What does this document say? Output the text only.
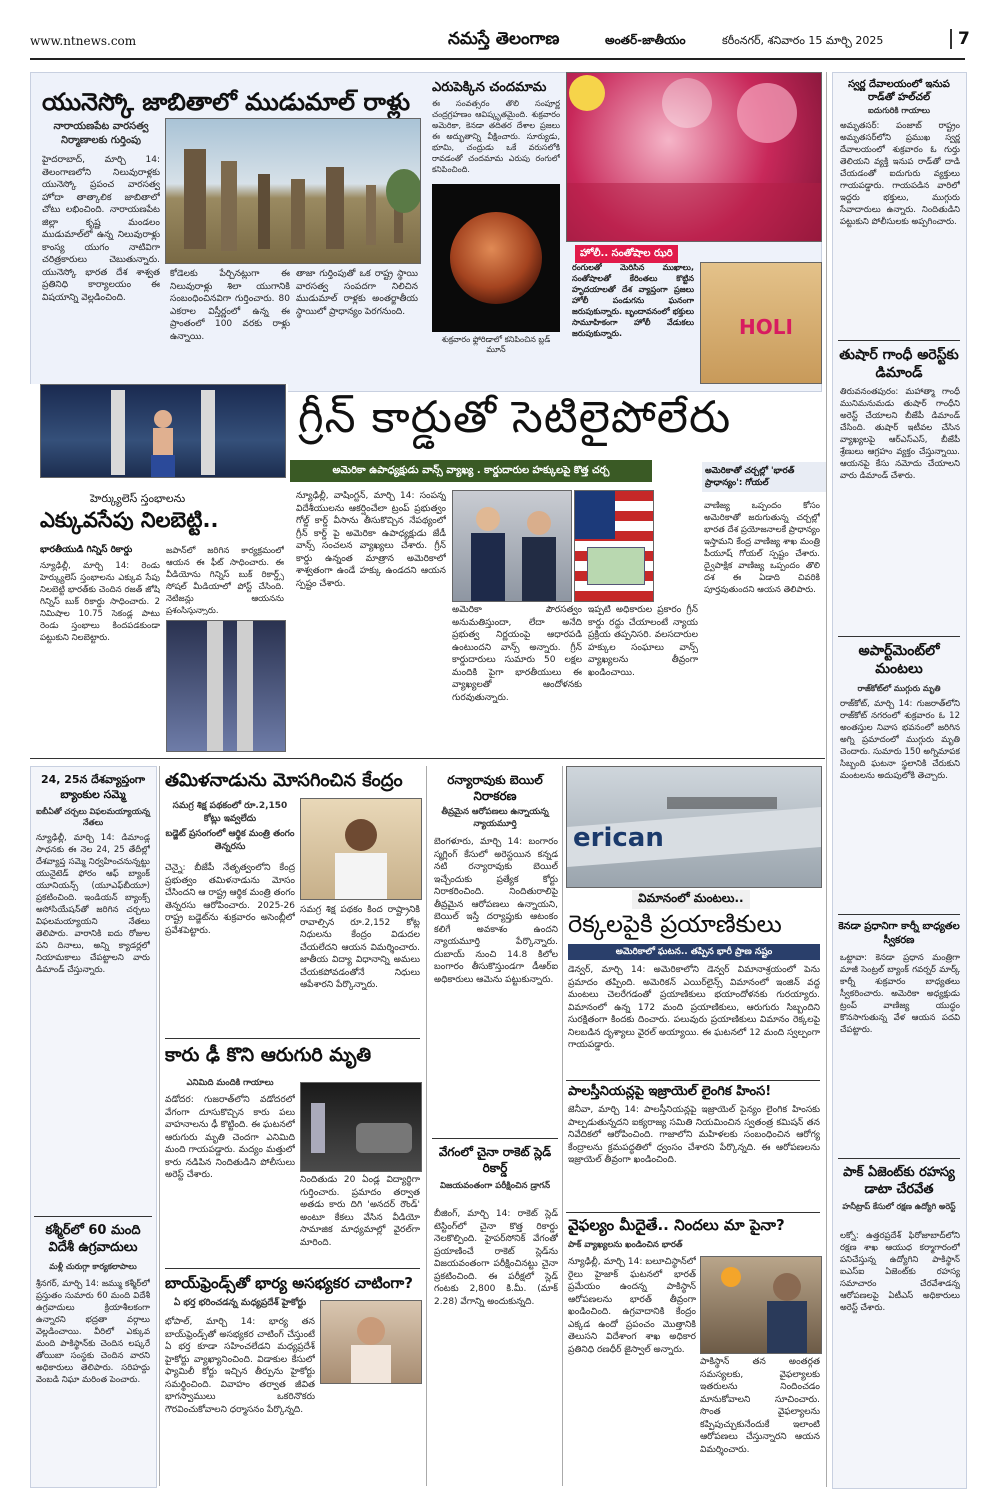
www.ntnews.com	నమస్తే తెలంగాణ	అంతర్-జాతీయం	కరీంనగర్, శనివారం 15 మార్చి 2025	7
యునెస్కో జాబితాలో ముడుమాల్ రాళ్లు
నారాయణపేట వారసత్వ నిర్మాణాలకు గుర్తింపు
హైదరాబాద్, మార్చి 14: తెలంగాణలోని నిలువురాళ్లకు యునెస్కో ప్రపంచ వారసత్వ హోదా తాత్కాలిక జాబితాలో చోటు లభించింది. నారాయణపేట జిల్లా కృష్ణ మండలం ముడుమాల్‌లో ఉన్న నిలువురాళ్లు కాంస్య యుగం నాటివిగా చరిత్రకారులు చెబుతున్నారు. యునెస్కో భారత దేశ శాశ్వత ప్రతినిధి కార్యాలయం ఈ విషయాన్ని వెల్లడించింది.
కోడెలకు పేర్చినట్లుగా ఈ నిలువురాళ్లు శిలా యుగానికి సంబంధించినవిగా గుర్తించారు. 80 ఎకరాల విస్తీర్ణంలో ఉన్న ఈ ప్రాంతంలో 100 వరకు రాళ్లు ఉన్నాయి.
తాజా గుర్తింపుతో ఒక రాష్ట్ర స్థాయి వారసత్వ సంపదగా నిలిచిన ముడుమాల్ రాళ్లకు అంతర్జాతీయ స్థాయిలో ప్రాధాన్యం పెరగనుంది.
ఎరుపెక్కిన చందమామ
ఈ సంవత్సరం తొలి సంపూర్ణ చంద్రగ్రహణం ఆవిష్కృతమైంది. శుక్రవారం అమెరికా, కెనడా తదితర దేశాల ప్రజలు ఈ అద్భుతాన్ని వీక్షించారు. సూర్యుడు, భూమి, చంద్రుడు ఒకే వరుసలోకి రావడంతో చందమామ ఎరుపు రంగులో కనిపించింది.
శుక్రవారం ఫ్లోరిడాలో కనిపించిన బ్లడ్ మూన్
హోలీ.. సంతోషాల ఝరి
రంగులతో మెరిసిన ముఖాలు, సంతోషాలతో కేరింతలు కొట్టిన హృదయాలతో దేశ వ్యాప్తంగా ప్రజలు హోలీ పండుగను ఘనంగా జరుపుకున్నారు. బృందావనంలో భక్తులు సామూహికంగా హోలీ వేడుకలు జరుపుకున్నారు.	HOLI
స్వర్ణ దేవాలయంలో ఇనుప రాడ్‌తో హల్‌చల్
ఐదుగురికి గాయాలు
అమృతసర్: పంజాబ్ రాష్ట్రం అమృతసర్‌లోని ప్రముఖ స్వర్ణ దేవాలయంలో శుక్రవారం ఓ గుర్తు తెలియని వ్యక్తి ఇనుప రాడ్‌తో దాడి చేయడంతో ఐదుగురు వ్యక్తులు గాయపడ్డారు. గాయపడిన వారిలో ఇద్దరు భక్తులు, ముగ్గురు సేవాదారులు ఉన్నారు. నిందితుడిని పట్టుకుని పోలీసులకు అప్పగించారు.
తుషార్ గాంధీ అరెస్ట్‌కు డిమాండ్
తిరువనంతపురం: మహాత్మా గాంధీ మునిమనుమడు తుషార్ గాంధీని అరెస్ట్ చేయాలని బీజేపీ డిమాండ్ చేసింది. తుషార్ ఇటీవల చేసిన వ్యాఖ్యలపై ఆర్‌ఎస్ఎస్, బీజేపీ శ్రేణులు ఆగ్రహం వ్యక్తం చేస్తున్నాయి. ఆయనపై కేసు నమోదు చేయాలని వారు డిమాండ్ చేశారు.
అపార్ట్‌మెంట్‌లో మంటలు
రాజ్‌కోట్‌లో ముగ్గురు మృతి
రాజ్‌కోట్, మార్చి 14: గుజరాత్‌లోని రాజ్‌కోట్ నగరంలో శుక్రవారం ఓ 12 అంతస్తుల నివాస భవనంలో జరిగిన అగ్ని ప్రమాదంలో ముగ్గురు మృతి చెందారు. సుమారు 150 అగ్నిమాపక సిబ్బంది ఘటనా స్థలానికి చేరుకుని మంటలను అదుపులోకి తెచ్చారు.
కెనడా ప్రధానిగా కార్నీ బాధ్యతల స్వీకరణ
ఒట్టావా: కెనడా ప్రధాన మంత్రిగా మాజీ సెంట్రల్ బ్యాంక్ గవర్నర్ మార్క్ కార్నీ శుక్రవారం బాధ్యతలు స్వీకరించారు. అమెరికా అధ్యక్షుడు ట్రంప్ వాణిజ్య యుద్ధం కొనసాగుతున్న వేళ ఆయన పదవి చేపట్టారు.
పాక్ ఏజెంట్‌కు రహస్య డాటా చేరవేత
హనీట్రాప్ కేసులో రక్షణ ఉద్యోగి అరెస్ట్
లక్నో: ఉత్తరప్రదేశ్ ఫిరోజాబాద్‌లోని రక్షణ శాఖ ఆయుధ కర్మాగారంలో పనిచేస్తున్న ఉద్యోగిని పాకిస్థాన్ ఐఎస్ఐ ఏజెంట్‌కు రహస్య సమాచారం చేరవేశాడన్న ఆరోపణలపై ఏటీఎస్ అధికారులు అరెస్ట్ చేశారు.
హెర్క్యులెస్ స్తంభాలను
ఎక్కువసేపు నిలబెట్టి..
భారతీయుడి గిన్నిస్ రికార్డు
న్యూఢిల్లీ, మార్చి 14: రెండు హెర్క్యులెస్ స్తంభాలను ఎక్కువ సేపు నిలబెట్టి భారత్‌కు చెందిన రజత్ జోషి గిన్నిస్ బుక్ రికార్డు సాధించారు. 2 నిమిషాల 10.75 సెకండ్ల పాటు రెండు స్తంభాలు కిందపడకుండా పట్టుకుని నిలబెట్టారు.
జపాన్‌లో జరిగిన కార్యక్రమంలో ఆయన ఈ ఫీట్ సాధించారు. ఈ వీడియోను గిన్నిస్ బుక్ రికార్డ్స్ సోషల్ మీడియాలో పోస్ట్ చేసింది. నెటిజన్లు ఆయనను ప్రశంసిస్తున్నారు.
గ్రీన్ కార్డుతో సెటిలైపోలేరు
అమెరికా ఉపాధ్యక్షుడు వాన్స్ వ్యాఖ్య . కార్డుదారుల హక్కులపై కొత్త చర్చ
న్యూఢిల్లీ, వాషింగ్టన్, మార్చి 14: సంపన్న విదేశీయులను ఆకర్షించేలా ట్రంప్ ప్రభుత్వం గోల్డ్ కార్డ్ వీసాను తీసుకొచ్చిన నేపథ్యంలో గ్రీన్ కార్డ్ పై అమెరికా ఉపాధ్యక్షుడు జేడీ వాన్స్ సంచలన వ్యాఖ్యలు చేశారు. గ్రీన్ కార్డు ఉన్నంత మాత్రాన అమెరికాలో శాశ్వతంగా ఉండే హక్కు ఉండదని ఆయన స్పష్టం చేశారు.
అమెరికా పౌరసత్వం అనుమతిస్తుందా, లేదా అనేది ప్రభుత్వ నిర్ణయంపై ఆధారపడి ఉంటుందని వాన్స్ అన్నారు. గ్రీన్ కార్డుదారులు సుమారు 50 లక్షల మందికి పైగా భారతీయులు ఈ వ్యాఖ్యలతో ఆందోళనకు గురవుతున్నారు.
ఇప్పటి అధికారుల ప్రకారం గ్రీన్ కార్డు రద్దు చేయాలంటే న్యాయ ప్రక్రియ తప్పనిసరి. వలసదారుల హక్కుల సంఘాలు వాన్స్ వ్యాఖ్యలను తీవ్రంగా ఖండించాయి.
అమెరికాతో చర్చల్లో 'భారత్ ప్రాధాన్యం': గోయల్
వాణిజ్య ఒప్పందం కోసం అమెరికాతో జరుగుతున్న చర్చల్లో భారత దేశ ప్రయోజనాలకే ప్రాధాన్యం ఇస్తామని కేంద్ర వాణిజ్య శాఖ మంత్రి పీయూష్ గోయల్ స్పష్టం చేశారు. ద్వైపాక్షిక వాణిజ్య ఒప్పందం తొలి దశ ఈ ఏడాది చివరికి పూర్తవుతుందని ఆయన తెలిపారు.
24, 25న దేశవ్యాప్తంగా బ్యాంకుల సమ్మె
ఐబీఏతో చర్చలు విఫలమయ్యాయన్న నేతలు
న్యూఢిల్లీ, మార్చి 14: డిమాండ్ల సాధనకు ఈ నెల 24, 25 తేదీల్లో దేశవ్యాప్త సమ్మె నిర్వహించనున్నట్టు యునైటెడ్ ఫోరం ఆఫ్ బ్యాంక్ యూనియన్స్ (యూఎఫ్‌బీయూ) ప్రకటించింది. ఇండియన్ బ్యాంక్స్ అసోసియేషన్‌తో జరిగిన చర్చలు విఫలమయ్యాయని నేతలు తెలిపారు. వారానికి ఐదు రోజుల పని దినాలు, అన్ని క్యాడర్లలో నియామకాలు చేపట్టాలని వారు డిమాండ్ చేస్తున్నారు.
కశ్మీర్‌లో 60 మంది విదేశీ ఉగ్రవాదులు
మళ్లీ చురుగ్గా కార్యకలాపాలు
శ్రీనగర్, మార్చి 14: జమ్ము కశ్మీర్‌లో ప్రస్తుతం సుమారు 60 మంది విదేశీ ఉగ్రవాదులు క్రియాశీలకంగా ఉన్నారని భద్రతా వర్గాలు వెల్లడించాయి. వీరిలో ఎక్కువ మంది పాకిస్థాన్‌కు చెందిన లష్కరే తోయిబా సంస్థకు చెందిన వారని అధికారులు తెలిపారు. సరిహద్దు వెంబడి నిఘా మరింత పెంచారు.
తమిళనాడును మోసగించిన కేంద్రం
సమగ్ర శిక్ష పథకంలో రూ.2,150 కోట్లు ఇవ్వలేదు
బడ్జెట్ ప్రసంగంలో ఆర్థిక మంత్రి తంగం తెన్నరసు
చెన్నై: బీజేపీ నేతృత్వంలోని కేంద్ర ప్రభుత్వం తమిళనాడును మోసం చేసిందని ఆ రాష్ట్ర ఆర్థిక మంత్రి తంగం తెన్నరసు ఆరోపించారు. 2025-26 రాష్ట్ర బడ్జెట్‌ను శుక్రవారం అసెంబ్లీలో ప్రవేశపెట్టారు.
సమగ్ర శిక్ష పథకం కింద రాష్ట్రానికి రావాల్సిన రూ.2,152 కోట్ల నిధులను కేంద్రం విడుదల చేయలేదని ఆయన విమర్శించారు. జాతీయ విద్యా విధానాన్ని అమలు చేయకపోవడంతోనే నిధులు ఆపేశారని పేర్కొన్నారు.
కారు ఢీ కొని ఆరుగురి మృతి
ఎనిమిది మందికి గాయాలు
వడోదర: గుజరాత్‌లోని వడోదరలో వేగంగా దూసుకొచ్చిన కారు పలు వాహనాలను ఢీ కొట్టింది. ఈ ఘటనలో ఆరుగురు మృతి చెందగా ఎనిమిది మంది గాయపడ్డారు. మద్యం మత్తులో కారు నడిపిన నిందితుడిని పోలీసులు అరెస్ట్ చేశారు.	నిందితుడు 20 ఏండ్ల విద్యార్థిగా గుర్తించారు. ప్రమాదం తర్వాత అతడు కారు దిగి 'అనదర్ రౌండ్' అంటూ కేకలు వేసిన వీడియో సామాజిక మాధ్యమాల్లో వైరల్‌గా మారింది.
బాయ్‌ఫ్రెండ్స్‌తో భార్య అసభ్యకర చాటింగా?
ఏ భర్త భరించడన్న మధ్యప్రదేశ్ హైకోర్టు
భోపాల్, మార్చి 14: భార్య తన బాయ్‌ఫ్రెండ్స్‌తో అసభ్యకర చాటింగ్ చేస్తుంటే ఏ భర్త కూడా సహించలేడని మధ్యప్రదేశ్ హైకోర్టు వ్యాఖ్యానించింది. విడాకుల కేసులో ఫ్యామిలీ కోర్టు ఇచ్చిన తీర్పును హైకోర్టు సమర్థించింది. వివాహం తర్వాత జీవిత భాగస్వాములు ఒకరినొకరు గౌరవించుకోవాలని ధర్మాసనం పేర్కొన్నది.
రన్యారావుకు బెయిల్ నిరాకరణ
తీవ్రమైన ఆరోపణలు ఉన్నాయన్న న్యాయమూర్తి
బెంగళూరు, మార్చి 14: బంగారం స్మగ్లింగ్ కేసులో అరెస్టయిన కన్నడ నటి రన్యారావుకు బెయిల్ ఇచ్చేందుకు ప్రత్యేక కోర్టు నిరాకరించింది. నిందితురాలిపై తీవ్రమైన ఆరోపణలు ఉన్నాయని, బెయిల్ ఇస్తే దర్యాప్తుకు ఆటంకం కలిగే అవకాశం ఉందని న్యాయమూర్తి పేర్కొన్నారు. దుబాయ్ నుంచి 14.8 కిలోల బంగారం తీసుకొస్తుండగా డీఆర్ఐ అధికారులు ఆమెను పట్టుకున్నారు.
వేగంలో చైనా రాకెట్ స్లెడ్ రికార్డ్
విజయవంతంగా పరీక్షించిన డ్రాగన్
బీజింగ్, మార్చి 14: రాకెట్ స్లెడ్ టెస్టింగ్‌లో చైనా కొత్త రికార్డు నెలకొల్పింది. హైపర్‌సోనిక్ వేగంతో ప్రయాణించే రాకెట్ స్లెడ్‌ను విజయవంతంగా పరీక్షించినట్టు చైనా ప్రకటించింది. ఈ పరీక్షలో స్లెడ్ గంటకు 2,800 కి.మీ. (మాక్ 2.28) వేగాన్ని అందుకున్నది.
erican
విమానంలో మంటలు..
రెక్కలపైకి ప్రయాణికులు
అమెరికాలో ఘటన.. తప్పిన భారీ ప్రాణ నష్టం
డెన్వర్, మార్చి 14: అమెరికాలోని డెన్వర్ విమానాశ్రయంలో పెను ప్రమాదం తప్పింది. అమెరికన్ ఎయిర్‌లైన్స్ విమానంలో ఇంజిన్ వద్ద మంటలు చెలరేగడంతో ప్రయాణికులు భయాందోళనకు గురయ్యారు. విమానంలో ఉన్న 172 మంది ప్రయాణికులు, ఆరుగురు సిబ్బందిని సురక్షితంగా కిందకు దించారు. పలువురు ప్రయాణికులు విమానం రెక్కలపై నిలబడిన దృశ్యాలు వైరల్ అయ్యాయి. ఈ ఘటనలో 12 మంది స్వల్పంగా గాయపడ్డారు.
పాలస్తీనియన్లపై ఇజ్రాయెల్ లైంగిక హింస!
జెనీవా, మార్చి 14: పాలస్తీనియన్లపై ఇజ్రాయెల్ సైన్యం లైంగిక హింసకు పాల్పడుతున్నదని ఐక్యరాజ్య సమితి నియమించిన స్వతంత్ర కమిషన్ తన నివేదికలో ఆరోపించింది. గాజాలోని మహిళలకు సంబంధించిన ఆరోగ్య కేంద్రాలను క్రమపద్ధతిలో ధ్వంసం చేశారని పేర్కొన్నది. ఈ ఆరోపణలను ఇజ్రాయెల్ తీవ్రంగా ఖండించింది.
వైఫల్యం మీదైతే.. నిందలు మా పైనా?
పాక్ వ్యాఖ్యలను ఖండించిన భారత్
న్యూఢిల్లీ, మార్చి 14: బలూచిస్థాన్‌లో రైలు హైజాక్ ఘటనలో భారత్ ప్రమేయం ఉందన్న పాకిస్థాన్ ఆరోపణలను భారత్ తీవ్రంగా ఖండించింది. ఉగ్రవాదానికి కేంద్రం ఎక్కడ ఉందో ప్రపంచం మొత్తానికి తెలుసని విదేశాంగ శాఖ అధికార ప్రతినిధి రణధీర్ జైస్వాల్ అన్నారు.
పాకిస్థాన్ తన అంతర్గత సమస్యలకు, వైఫల్యాలకు ఇతరులను నిందించడం మానుకోవాలని సూచించారు. సొంత వైఫల్యాలను కప్పిపుచ్చుకునేందుకే ఇలాంటి ఆరోపణలు చేస్తున్నారని ఆయన విమర్శించారు.
